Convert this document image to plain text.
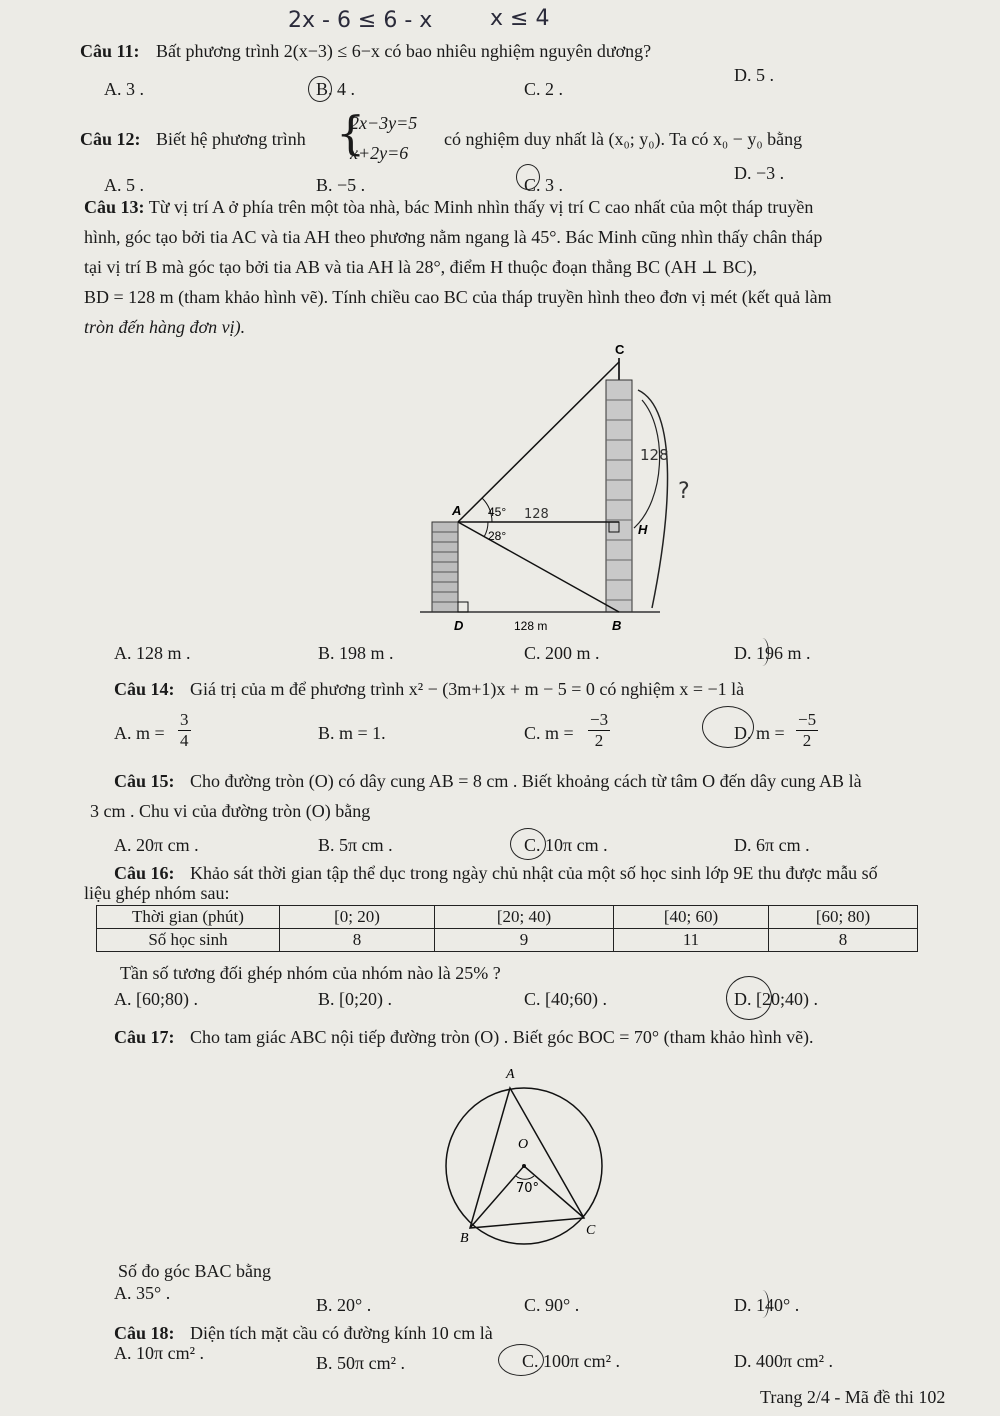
2x - 6 ≤ 6 - x	x ≤ 4
Câu 11: Bất phương trình 2(x−3) ≤ 6−x có bao nhiêu nghiệm nguyên dương?
A. 3 .	B. 4 .	C. 2 .
D. 5 .
Câu 12: Biết hệ phương trình {
2x−3y=5
x+2y=6
có nghiệm duy nhất là (x₀; y₀). Ta có x₀ − y₀ bằng
A. 5 .	B. −5 .	C. 3 .
D. −3 .
Câu 13: Từ vị trí A ở phía trên một tòa nhà, bác Minh nhìn thấy vị trí C cao nhất của một tháp truyền
hình, góc tạo bởi tia AC và tia AH theo phương nằm ngang là 45°. Bác Minh cũng nhìn thấy chân tháp
tại vị trí B mà góc tạo bởi tia AB và tia AH là 28°, điểm H thuộc đoạn thẳng BC (AH ⊥ BC),
BD = 128 m (tham khảo hình vẽ). Tính chiều cao BC của tháp truyền hình theo đơn vị mét (kết quả làm
tròn đến hàng đơn vị).
C
A
H
D	B
45°
28°
128 m
128
128
?
A. 128 m .	B. 198 m .	C. 200 m .	D. 196 m .
Câu 14: Giá trị của m để phương trình x² − (3m+1)x + m − 5 = 0 có nghiệm x = −1 là
A. $m = \frac{3}{4}$	B. m = 1.	C. $m = \frac{-3}{2}$	D. $m = \frac{-5}{2}$
Câu 15: Cho đường tròn (O) có dây cung AB = 8 cm . Biết khoảng cách từ tâm O đến dây cung AB là
3 cm . Chu vi của đường tròn (O) bằng
A. 20π cm .	B. 5π cm .	C. 10π cm .	D. 6π cm .
Câu 16: Khảo sát thời gian tập thể dục trong ngày chủ nhật của một số học sinh lớp 9E thu được mẫu số
liệu ghép nhóm sau:
Thời gian (phút)	[0; 20)	[20; 40)	[40; 60)	[60; 80)
Số học sinh	8	9	11	8
Tần số tương đối ghép nhóm của nhóm nào là 25% ?
A. [60;80) .	B. [0;20) .	C. [40;60) .	D. [20;40) .
Câu 17: Cho tam giác ABC nội tiếp đường tròn (O) . Biết góc BOC = 70° (tham khảo hình vẽ).
A
O
70°
B
C
Số đo góc BAC bằng
A. 35° .
B. 20° .	C. 90° .	D. 140° .
Câu 18: Diện tích mặt cầu có đường kính 10 cm là
A. 10π cm² .	B. 50π cm² .	C. 100π cm² .	D. 400π cm² .
Trang 2/4 - Mã đề thi 102
